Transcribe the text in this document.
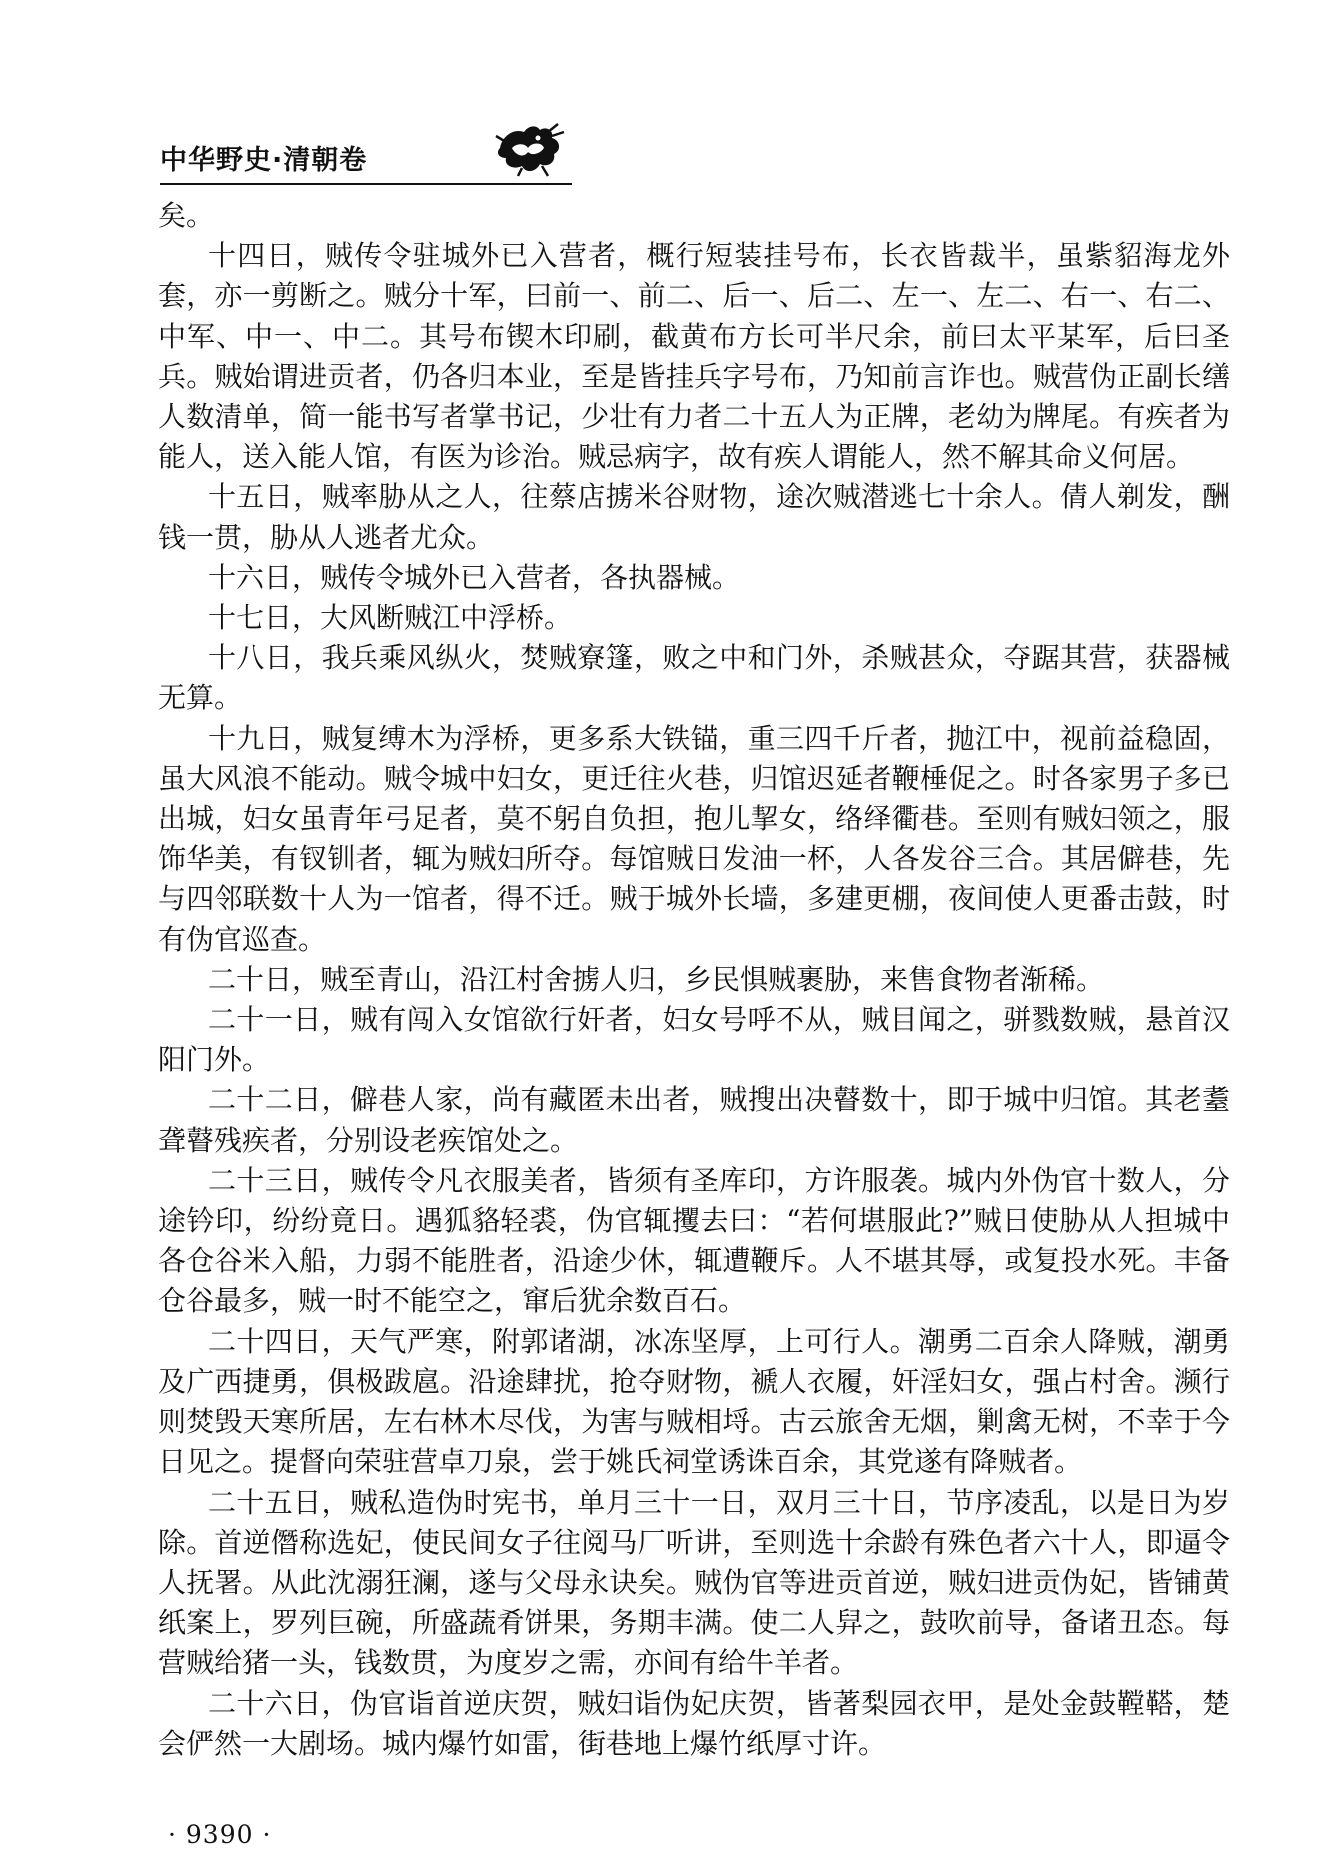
中华野史·清朝卷

矣。

十四日，贼传令驻城外已入营者，概行短装挂号布，长衣皆裁半，虽紫貂海龙外套，亦一剪断之。贼分十军，曰前一、前二、后一、后二、左一、左二、右一、右二、中军、中一、中二。其号布锲木印刷，截黄布方长可半尺余，前曰太平某军，后曰圣兵。贼始谓进贡者，仍各归本业，至是皆挂兵字号布，乃知前言诈也。贼营伪正副长缮人数清单，简一能书写者掌书记，少壮有力者二十五人为正牌，老幼为牌尾。有疾者为能人，送入能人馆，有医为诊治。贼忌病字，故有疾人谓能人，然不解其命义何居。

十五日，贼率胁从之人，往蔡店掳米谷财物，途次贼潜逃七十余人。倩人剃发，酬钱一贯，胁从人逃者尤众。

十六日，贼传令城外已入营者，各执器械。

十七日，大风断贼江中浮桥。

十八日，我兵乘风纵火，焚贼寮篷，败之中和门外，杀贼甚众，夺踞其营，获器械无算。

十九日，贼复缚木为浮桥，更多系大铁锚，重三四千斤者，抛江中，视前益稳固，虽大风浪不能动。贼令城中妇女，更迁往火巷，归馆迟延者鞭棰促之。时各家男子多已出城，妇女虽青年弓足者，莫不躬自负担，抱儿挈女，络绎衢巷。至则有贼妇领之，服饰华美，有钗钏者，辄为贼妇所夺。每馆贼日发油一杯，人各发谷三合。其居僻巷，先与四邻联数十人为一馆者，得不迁。贼于城外长墙，多建更棚，夜间使人更番击鼓，时有伪官巡查。

二十日，贼至青山，沿江村舍掳人归，乡民惧贼裹胁，来售食物者渐稀。

二十一日，贼有闯入女馆欲行奸者，妇女号呼不从，贼目闻之，骈戮数贼，悬首汉阳门外。

二十二日，僻巷人家，尚有藏匿未出者，贼搜出决瞽数十，即于城中归馆。其老耋聋瞽残疾者，分别设老疾馆处之。

二十三日，贼传令凡衣服美者，皆须有圣库印，方许服袭。城内外伪官十数人，分途钤印，纷纷竟日。遇狐貉轻裘，伪官辄攫去曰：“若何堪服此?”贼日使胁从人担城中各仓谷米入船，力弱不能胜者，沿途少休，辄遭鞭斥。人不堪其辱，或复投水死。丰备仓谷最多，贼一时不能空之，窜后犹余数百石。

二十四日，天气严寒，附郭诸湖，冰冻坚厚，上可行人。潮勇二百余人降贼，潮勇及广西捷勇，俱极跋扈。沿途肆扰，抢夺财物，褫人衣履，奸淫妇女，强占村舍。濒行则焚毁天寒所居，左右林木尽伐，为害与贼相埒。古云旅舍无烟，剿禽无树，不幸于今日见之。提督向荣驻营卓刀泉，尝于姚氏祠堂诱诛百余，其党遂有降贼者。

二十五日，贼私造伪时宪书，单月三十一日，双月三十日，节序凌乱，以是日为岁除。首逆僭称选妃，使民间女子往阅马厂听讲，至则选十余龄有殊色者六十人，即逼令人抚署。从此沈溺狂澜，遂与父母永诀矣。贼伪官等进贡首逆，贼妇进贡伪妃，皆铺黄纸案上，罗列巨碗，所盛蔬肴饼果，务期丰满。使二人舁之，鼓吹前导，备诸丑态。每营贼给猪一头，钱数贯，为度岁之需，亦间有给牛羊者。

二十六日，伪官诣首逆庆贺，贼妇诣伪妃庆贺，皆著梨园衣甲，是处金鼓鞺鞳，楚会俨然一大剧场。城内爆竹如雷，街巷地上爆竹纸厚寸许。

· 9390 ·
